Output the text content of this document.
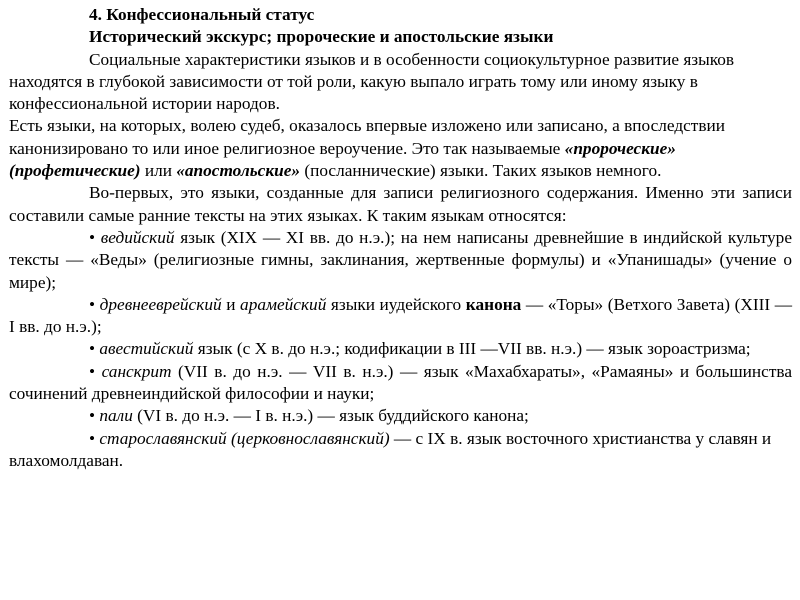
4. Конфессиональный статус

Исторический экскурс; пророческие и апостольские языки

Социальные характеристики языков и в особенности социокультурное развитие языков находятся в глубокой зависимости от той роли, какую выпало играть тому или иному языку в конфессиональной истории народов.

Есть языки, на которых, волею судеб, оказалось впервые изложено или записано, а впоследствии канонизировано то или иное религиозное вероучение. Это так называемые «пророческие» (профетические) или «апостольские» (посланнические) языки. Таких языков немного.

Во-первых, это языки, созданные для записи религиозного содержания. Именно эти записи составили самые ранние тексты на этих языках. К таким языкам относятся:

• ведийский язык (XIX — XI вв. до н.э.); на нем написаны древнейшие в индийской культуре тексты — «Веды» (религиозные гимны, заклинания, жертвенные формулы) и «Упанишады» (учение о мире);

• древнееврейский и арамейский языки иудейского канона — «Торы» (Ветхого Завета) (XIII — I вв. до н.э.);

• авестийский язык (с X в. до н.э.; кодификации в III —VII вв. н.э.) — язык зороастризма;

• санскрит (VII в. до н.э. — VII в. н.э.) — язык «Махабхараты», «Рамаяны» и большинства сочинений древнеиндийской философии и науки;

• пали (VI в. до н.э. — I в. н.э.) — язык буддийского канона;

• старославянский (церковнославянский) — с IX в. язык восточного христианства у славян и влахомолдаван.
